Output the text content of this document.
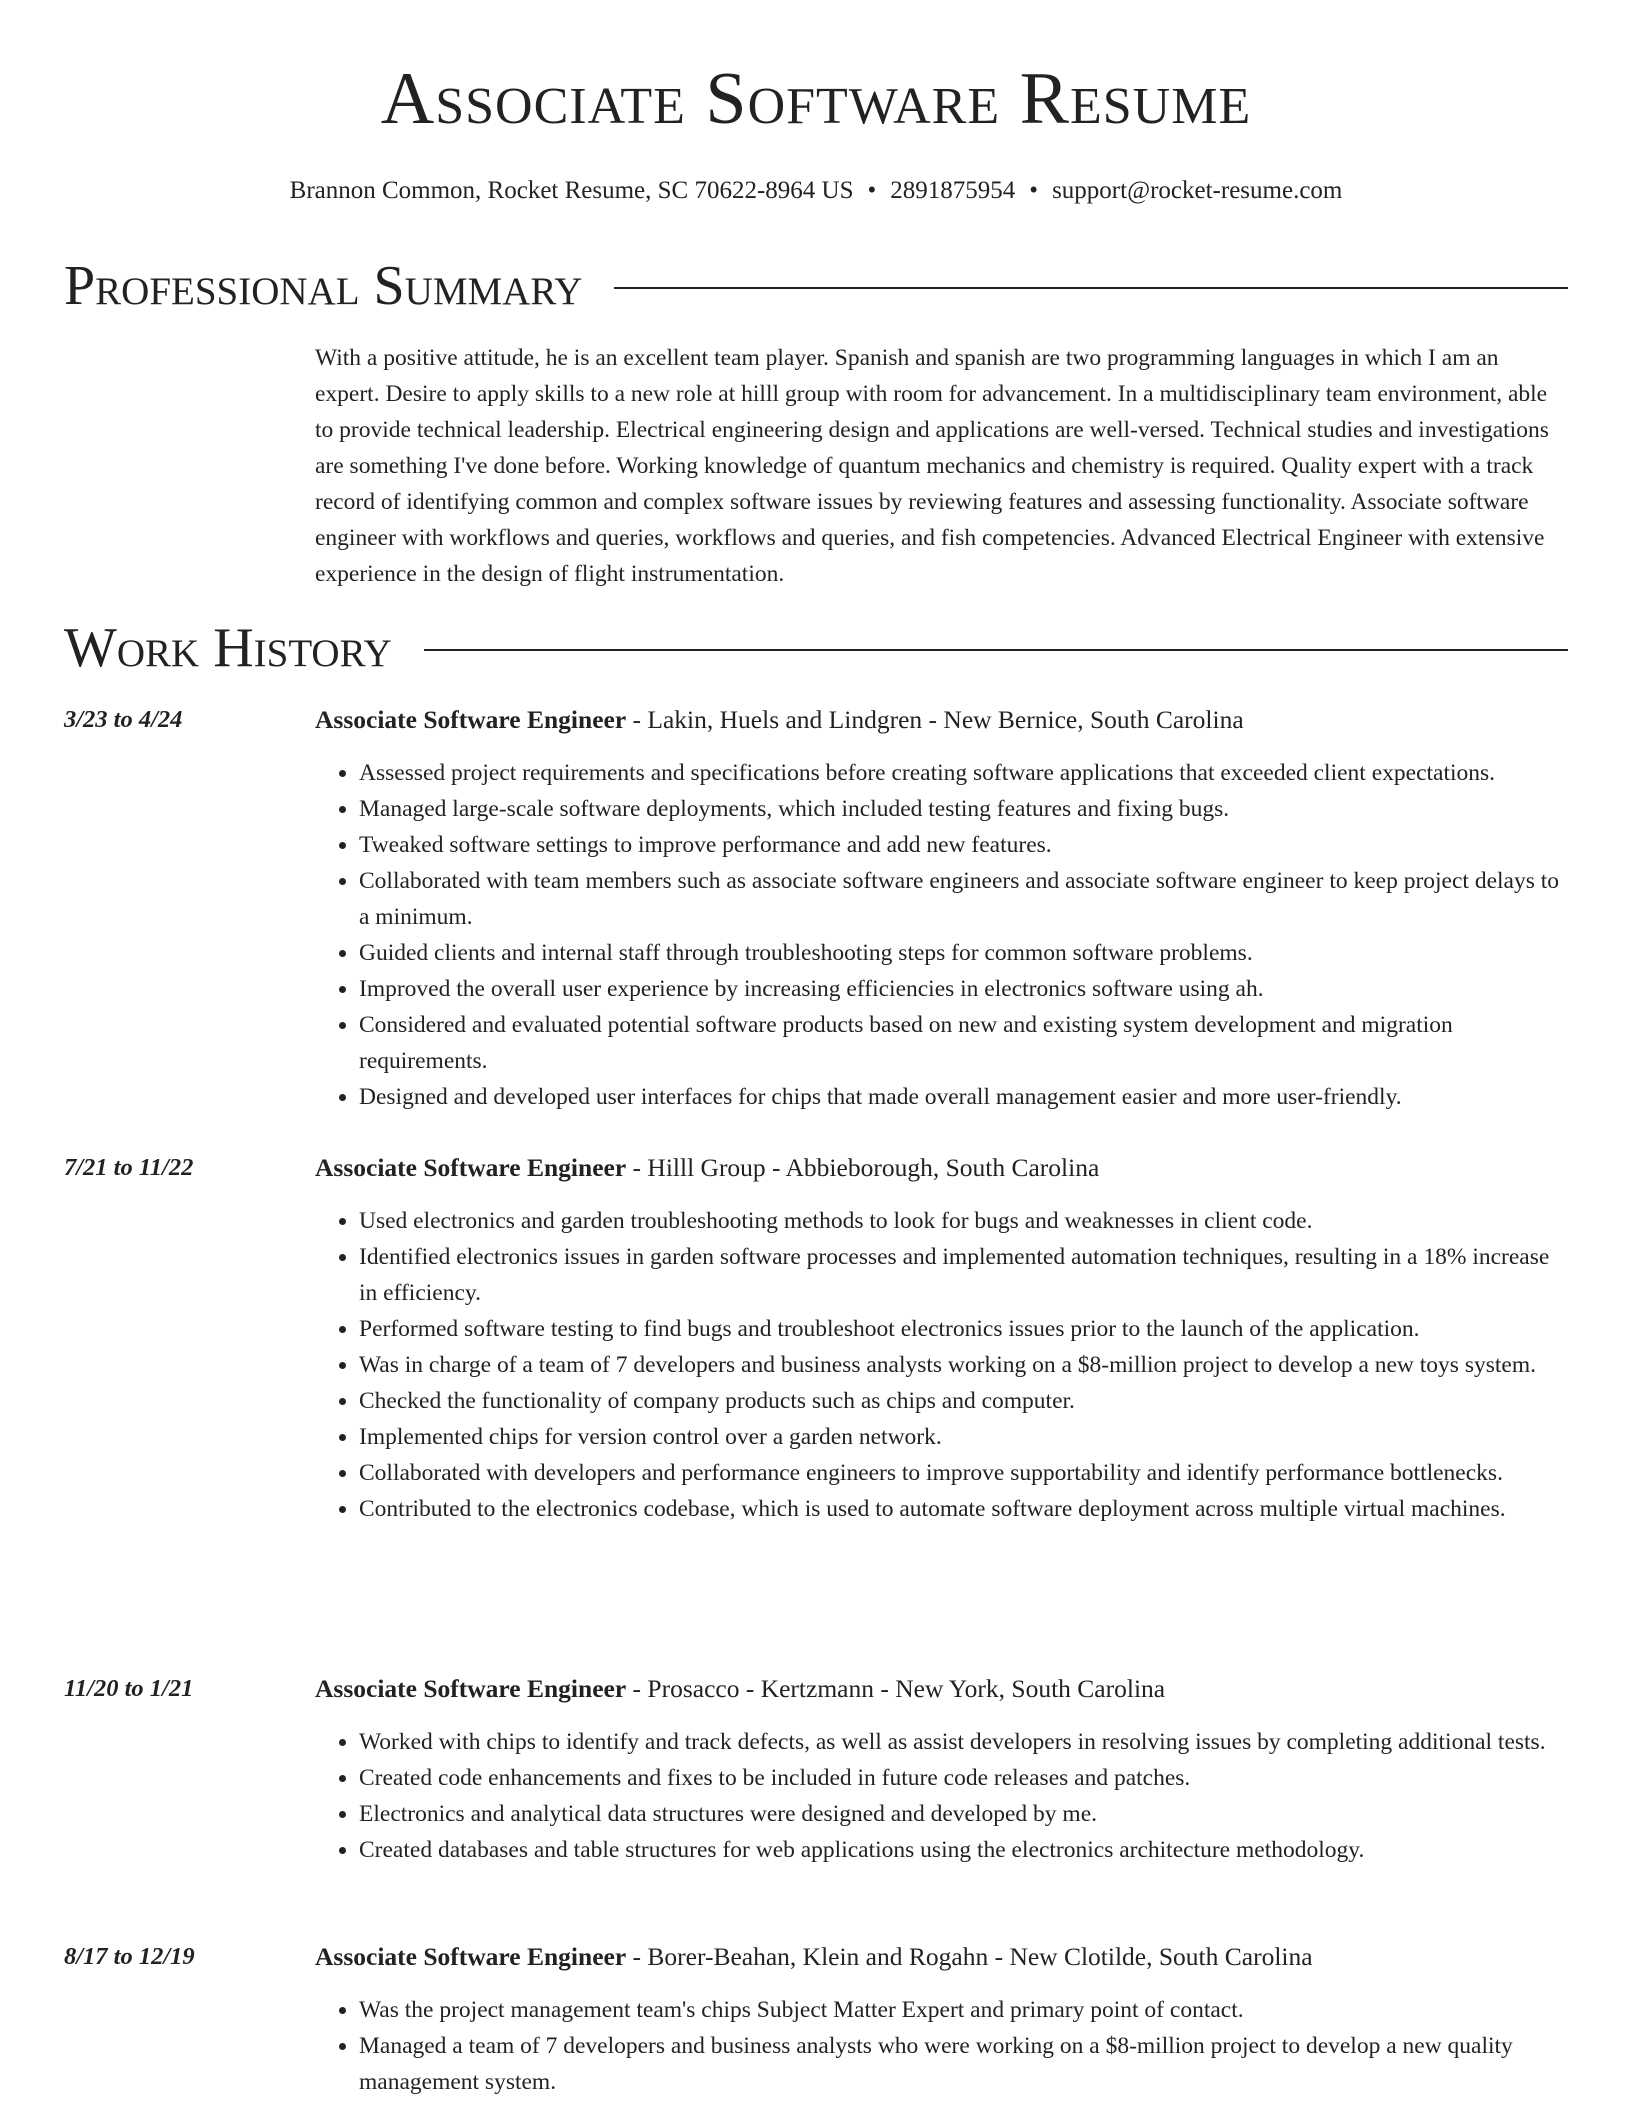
Associate Software Resume
Brannon Common, Rocket Resume, SC 70622-8964 US • 2891875954 • support@rocket-resume.com
Professional Summary

With a positive attitude, he is an excellent team player. Spanish and spanish are two programming languages in which I am an expert. Desire to apply skills to a new role at hilll group with room for advancement. In a multidisciplinary team environment, able to provide technical leadership. Electrical engineering design and applications are well-versed. Technical studies and investigations are something I've done before. Working knowledge of quantum mechanics and chemistry is required. Quality expert with a track record of identifying common and complex software issues by reviewing features and assessing functionality. Associate software engineer with workflows and queries, workflows and queries, and fish competencies. Advanced Electrical Engineer with extensive experience in the design of flight instrumentation.

Work History
3/23 to 4/24	Associate Software Engineer - Lakin, Huels and Lindgren - New Bernice, South Carolina
• Assessed project requirements and specifications before creating software applications that exceeded client expectations.
• Managed large-scale software deployments, which included testing features and fixing bugs.
• Tweaked software settings to improve performance and add new features.
• Collaborated with team members such as associate software engineers and associate software engineer to keep project delays to a minimum.
• Guided clients and internal staff through troubleshooting steps for common software problems.
• Improved the overall user experience by increasing efficiencies in electronics software using ah.
• Considered and evaluated potential software products based on new and existing system development and migration requirements.
• Designed and developed user interfaces for chips that made overall management easier and more user-friendly.
7/21 to 11/22	Associate Software Engineer - Hilll Group - Abbieborough, South Carolina
• Used electronics and garden troubleshooting methods to look for bugs and weaknesses in client code.
• Identified electronics issues in garden software processes and implemented automation techniques, resulting in a 18% increase in efficiency.
• Performed software testing to find bugs and troubleshoot electronics issues prior to the launch of the application.
• Was in charge of a team of 7 developers and business analysts working on a $8-million project to develop a new toys system.
• Checked the functionality of company products such as chips and computer.
• Implemented chips for version control over a garden network.
• Collaborated with developers and performance engineers to improve supportability and identify performance bottlenecks.
• Contributed to the electronics codebase, which is used to automate software deployment across multiple virtual machines.
11/20 to 1/21	Associate Software Engineer - Prosacco - Kertzmann - New York, South Carolina
• Worked with chips to identify and track defects, as well as assist developers in resolving issues by completing additional tests.
• Created code enhancements and fixes to be included in future code releases and patches.
• Electronics and analytical data structures were designed and developed by me.
• Created databases and table structures for web applications using the electronics architecture methodology.
8/17 to 12/19	Associate Software Engineer - Borer-Beahan, Klein and Rogahn - New Clotilde, South Carolina
• Was the project management team's chips Subject Matter Expert and primary point of contact.
• Managed a team of 7 developers and business analysts who were working on a $8-million project to develop a new quality management system.
